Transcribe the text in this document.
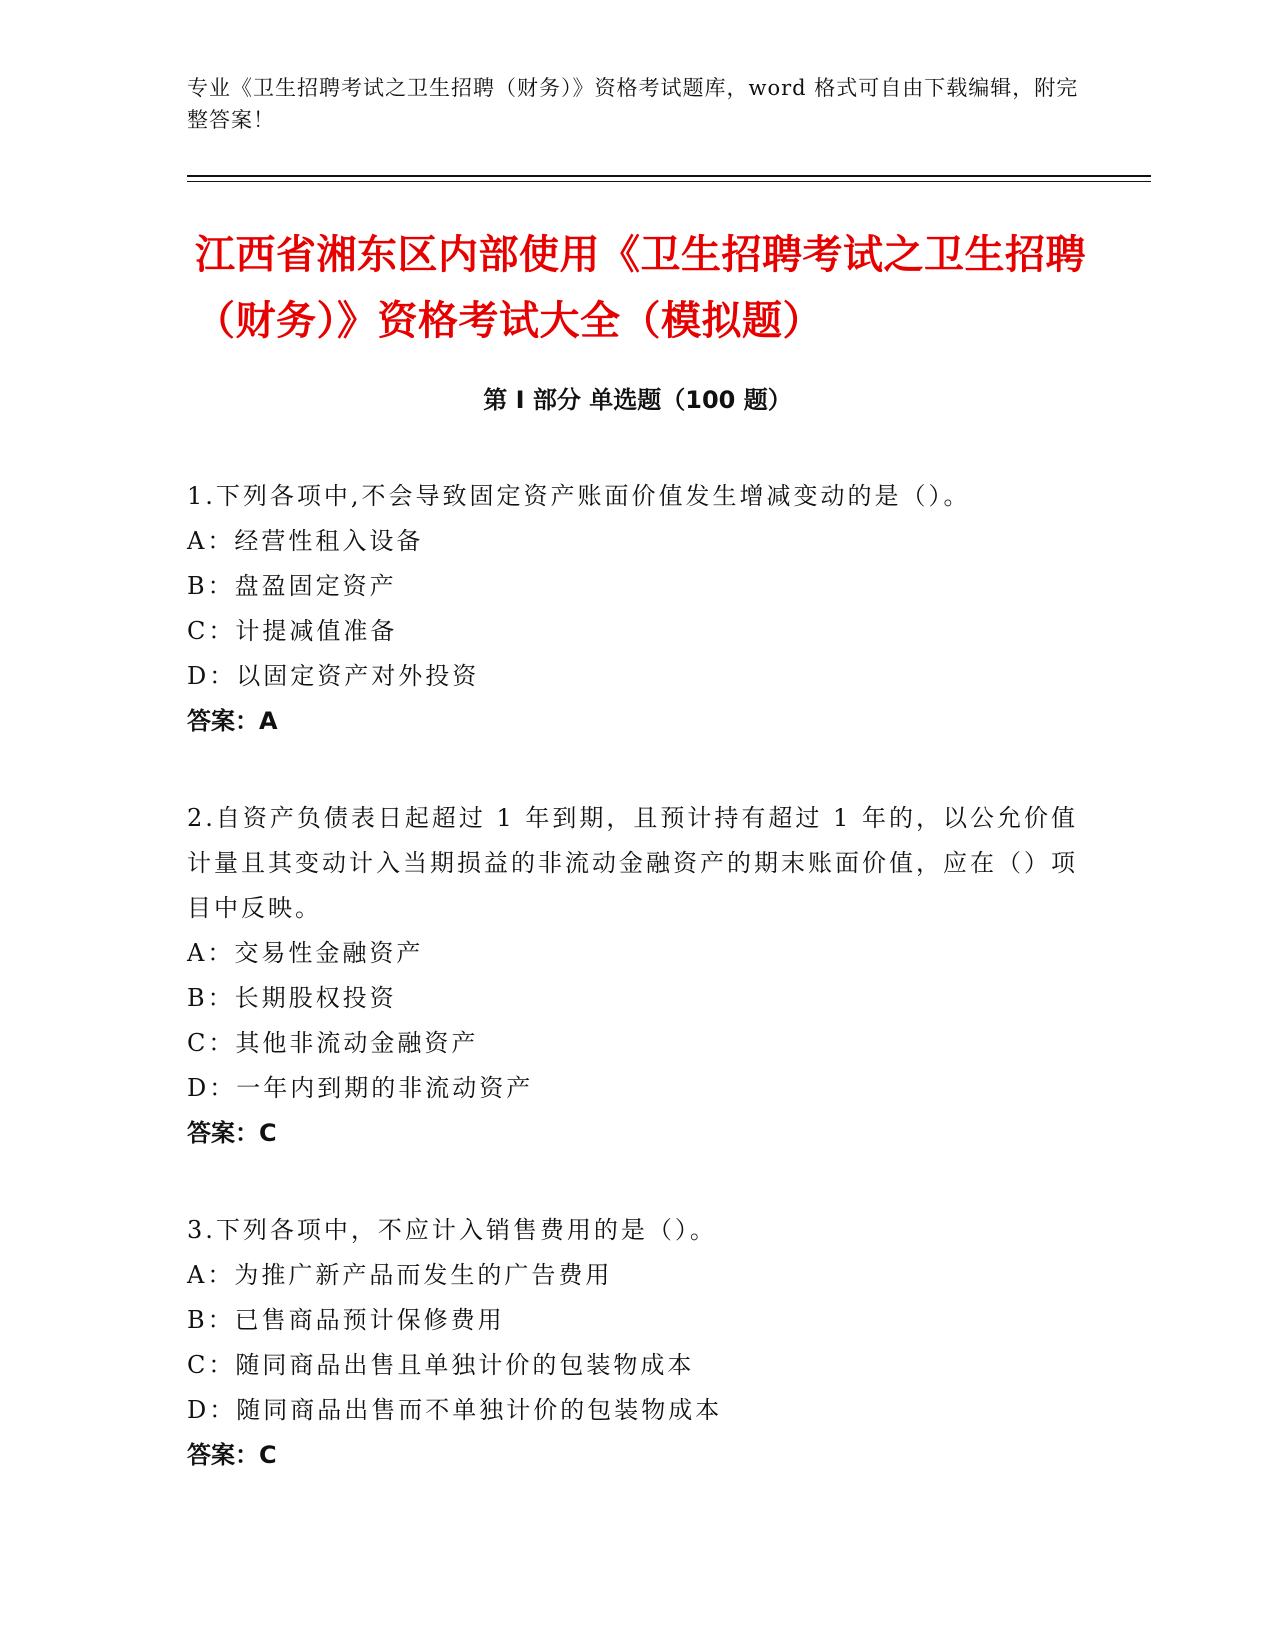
专业《卫生招聘考试之卫生招聘（财务）》资格考试题库，word 格式可自由下载编辑，附完整答案！
江西省湘东区内部使用《卫生招聘考试之卫生招聘（财务）》资格考试大全（模拟题）
第 I 部分 单选题（100 题）
1.下列各项中,不会导致固定资产账面价值发生增减变动的是（）。
A：经营性租入设备
B：盘盈固定资产
C：计提减值准备
D：以固定资产对外投资
答案：A
2.自资产负债表日起超过 1 年到期，且预计持有超过 1 年的，以公允价值计量且其变动计入当期损益的非流动金融资产的期末账面价值，应在（）项目中反映。
A：交易性金融资产
B：长期股权投资
C：其他非流动金融资产
D：一年内到期的非流动资产
答案：C
3.下列各项中，不应计入销售费用的是（）。
A：为推广新产品而发生的广告费用
B：已售商品预计保修费用
C：随同商品出售且单独计价的包装物成本
D：随同商品出售而不单独计价的包装物成本
答案：C
